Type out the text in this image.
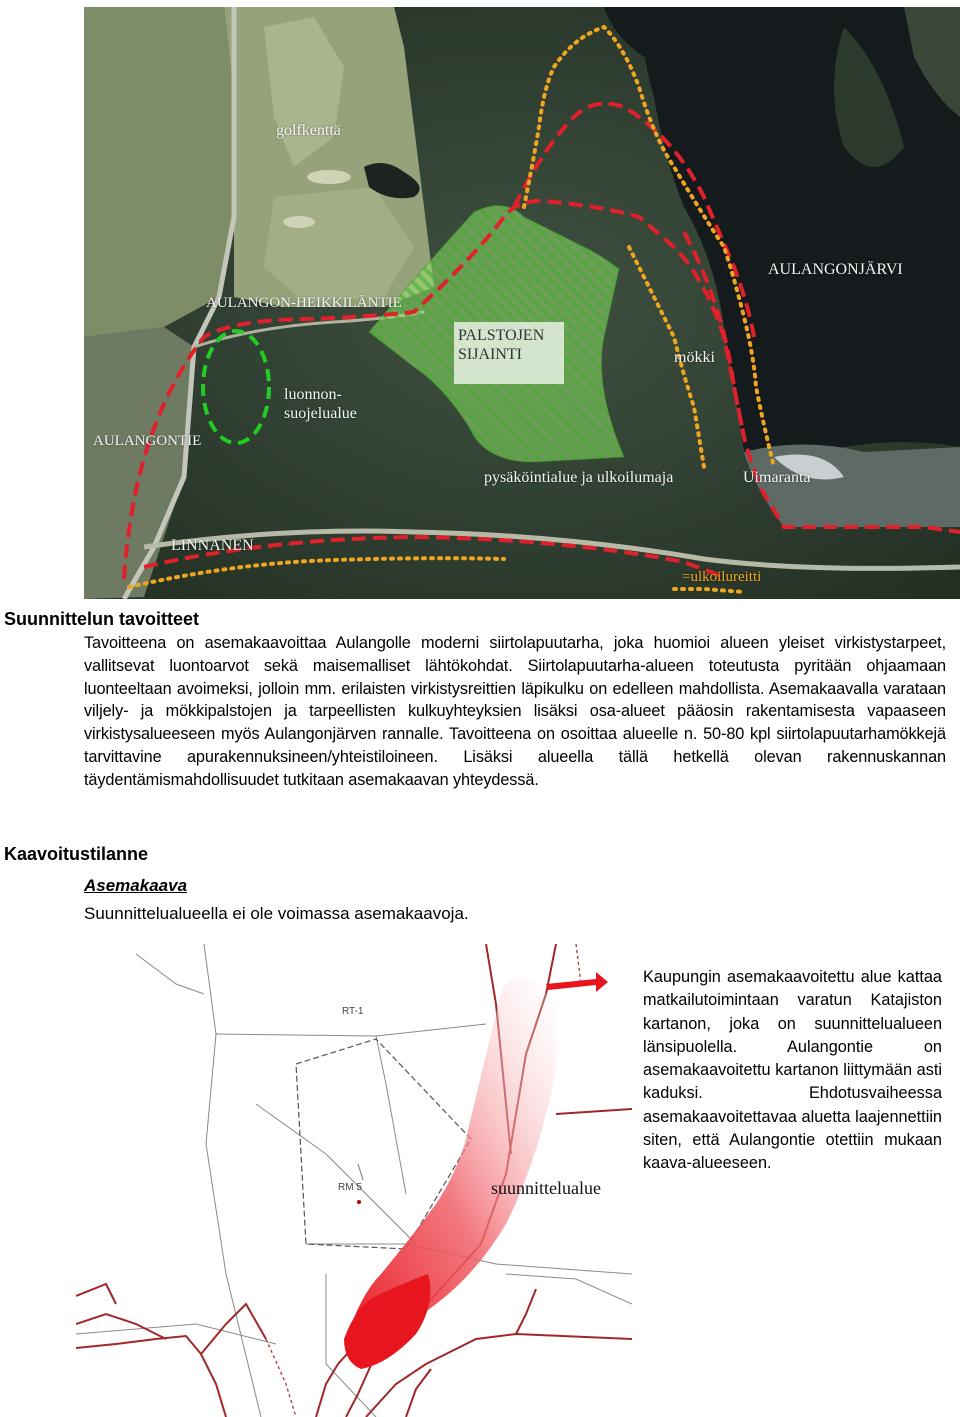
golfkenttä
AULANGONJÄRVI
AULANGON-HEIKKILÄNTIE
PALSTOJEN SIJAINTI	mökki
luonnon- suojelualue
AULANGONTIE
pysäköintialue ja ulkoilumaja	Uimaranta
LINNANEN
=ulkoilureitti
Suunnittelun tavoitteet

Tavoitteena on asemakaavoittaa Aulangolle moderni siirtolapuutarha, joka huomioi alueen yleiset virkistystarpeet, vallitsevat luontoarvot sekä maisemalliset lähtökohdat. Siirtolapuutarha-alueen toteutusta pyritään ohjaamaan luonteeltaan avoimeksi, jolloin mm. erilaisten virkistysreittien läpikulku on edelleen mahdollista. Asemakaavalla varataan viljely- ja mökkipalstojen ja tarpeellisten kulkuyhteyksien lisäksi osa-alueet pääosin rakentamisesta vapaaseen virkistysalueeseen myös Aulangonjärven rannalle. Tavoitteena on osoittaa alueelle n. 50-80 kpl siirtolapuutarhamökkejä tarvittavine apurakennuksineen/yhteistiloineen. Lisäksi alueella tällä hetkellä olevan rakennuskannan täydentämismahdollisuudet tutkitaan asemakaavan yhteydessä.

Kaavoitustilanne
Asemakaava

Suunnittelualueella ei ole voimassa asemakaavoja.

RT-1
RM 5	suunnittelualue

Kaupungin asemakaavoitettu alue kattaa matkailutoimintaan varatun Katajiston kartanon, joka on suunnittelualueen länsipuolella. Aulangontie on asemakaavoitettu kartanon liittymään asti kaduksi. Ehdotusvaiheessa asemakaavoitettavaa aluetta laajennettiin siten, että Aulangontie otettiin mukaan kaava-alueeseen.
